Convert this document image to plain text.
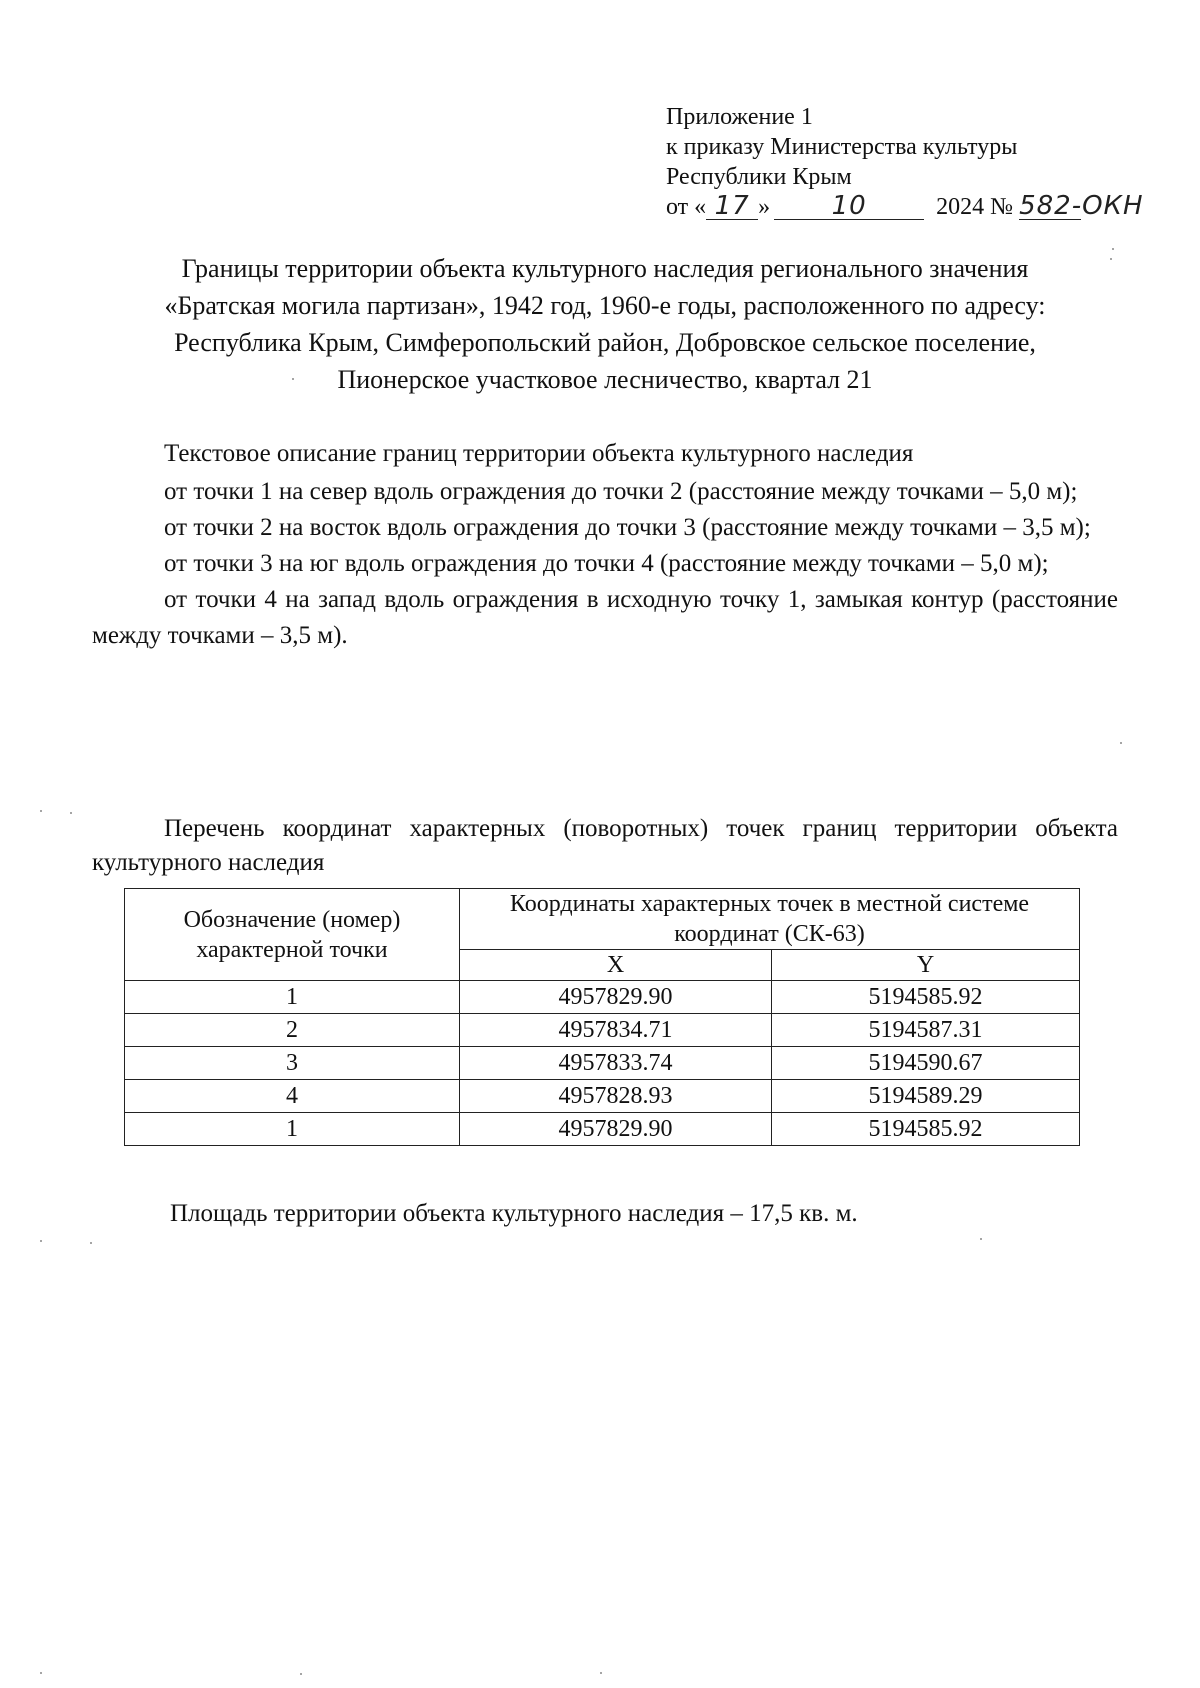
Приложение 1
к приказу Министерства культуры
Республики Крым
от « 17 » 10	2024 № 582-ОКН
Границы территории объекта культурного наследия регионального значения
«Братская могила партизан», 1942 год, 1960-е годы, расположенного по адресу:
Республика Крым, Симферопольский район, Добровское сельское поселение,
Пионерское участковое лесничество, квартал 21
Текстовое описание границ территории объекта культурного наследия

от точки 1 на север вдоль ограждения до точки 2 (расстояние между точками – 5,0 м);

от точки 2 на восток вдоль ограждения до точки 3 (расстояние между точками – 3,5 м);

от точки 3 на юг вдоль ограждения до точки 4 (расстояние между точками – 5,0 м);

от точки 4 на запад вдоль ограждения в исходную точку 1, замыкая контур (расстояние между точками – 3,5 м).

Перечень координат характерных (поворотных) точек границ территории объекта культурного наследия
Обозначение (номер) характерной точки	Координаты характерных точек в местной системе координат (СК-63)	
	X	Y
1	4957829.90	5194585.92
2	4957834.71	5194587.31
3	4957833.74	5194590.67
4	4957828.93	5194589.29
1	4957829.90	5194585.92
Площадь территории объекта культурного наследия – 17,5 кв. м.
